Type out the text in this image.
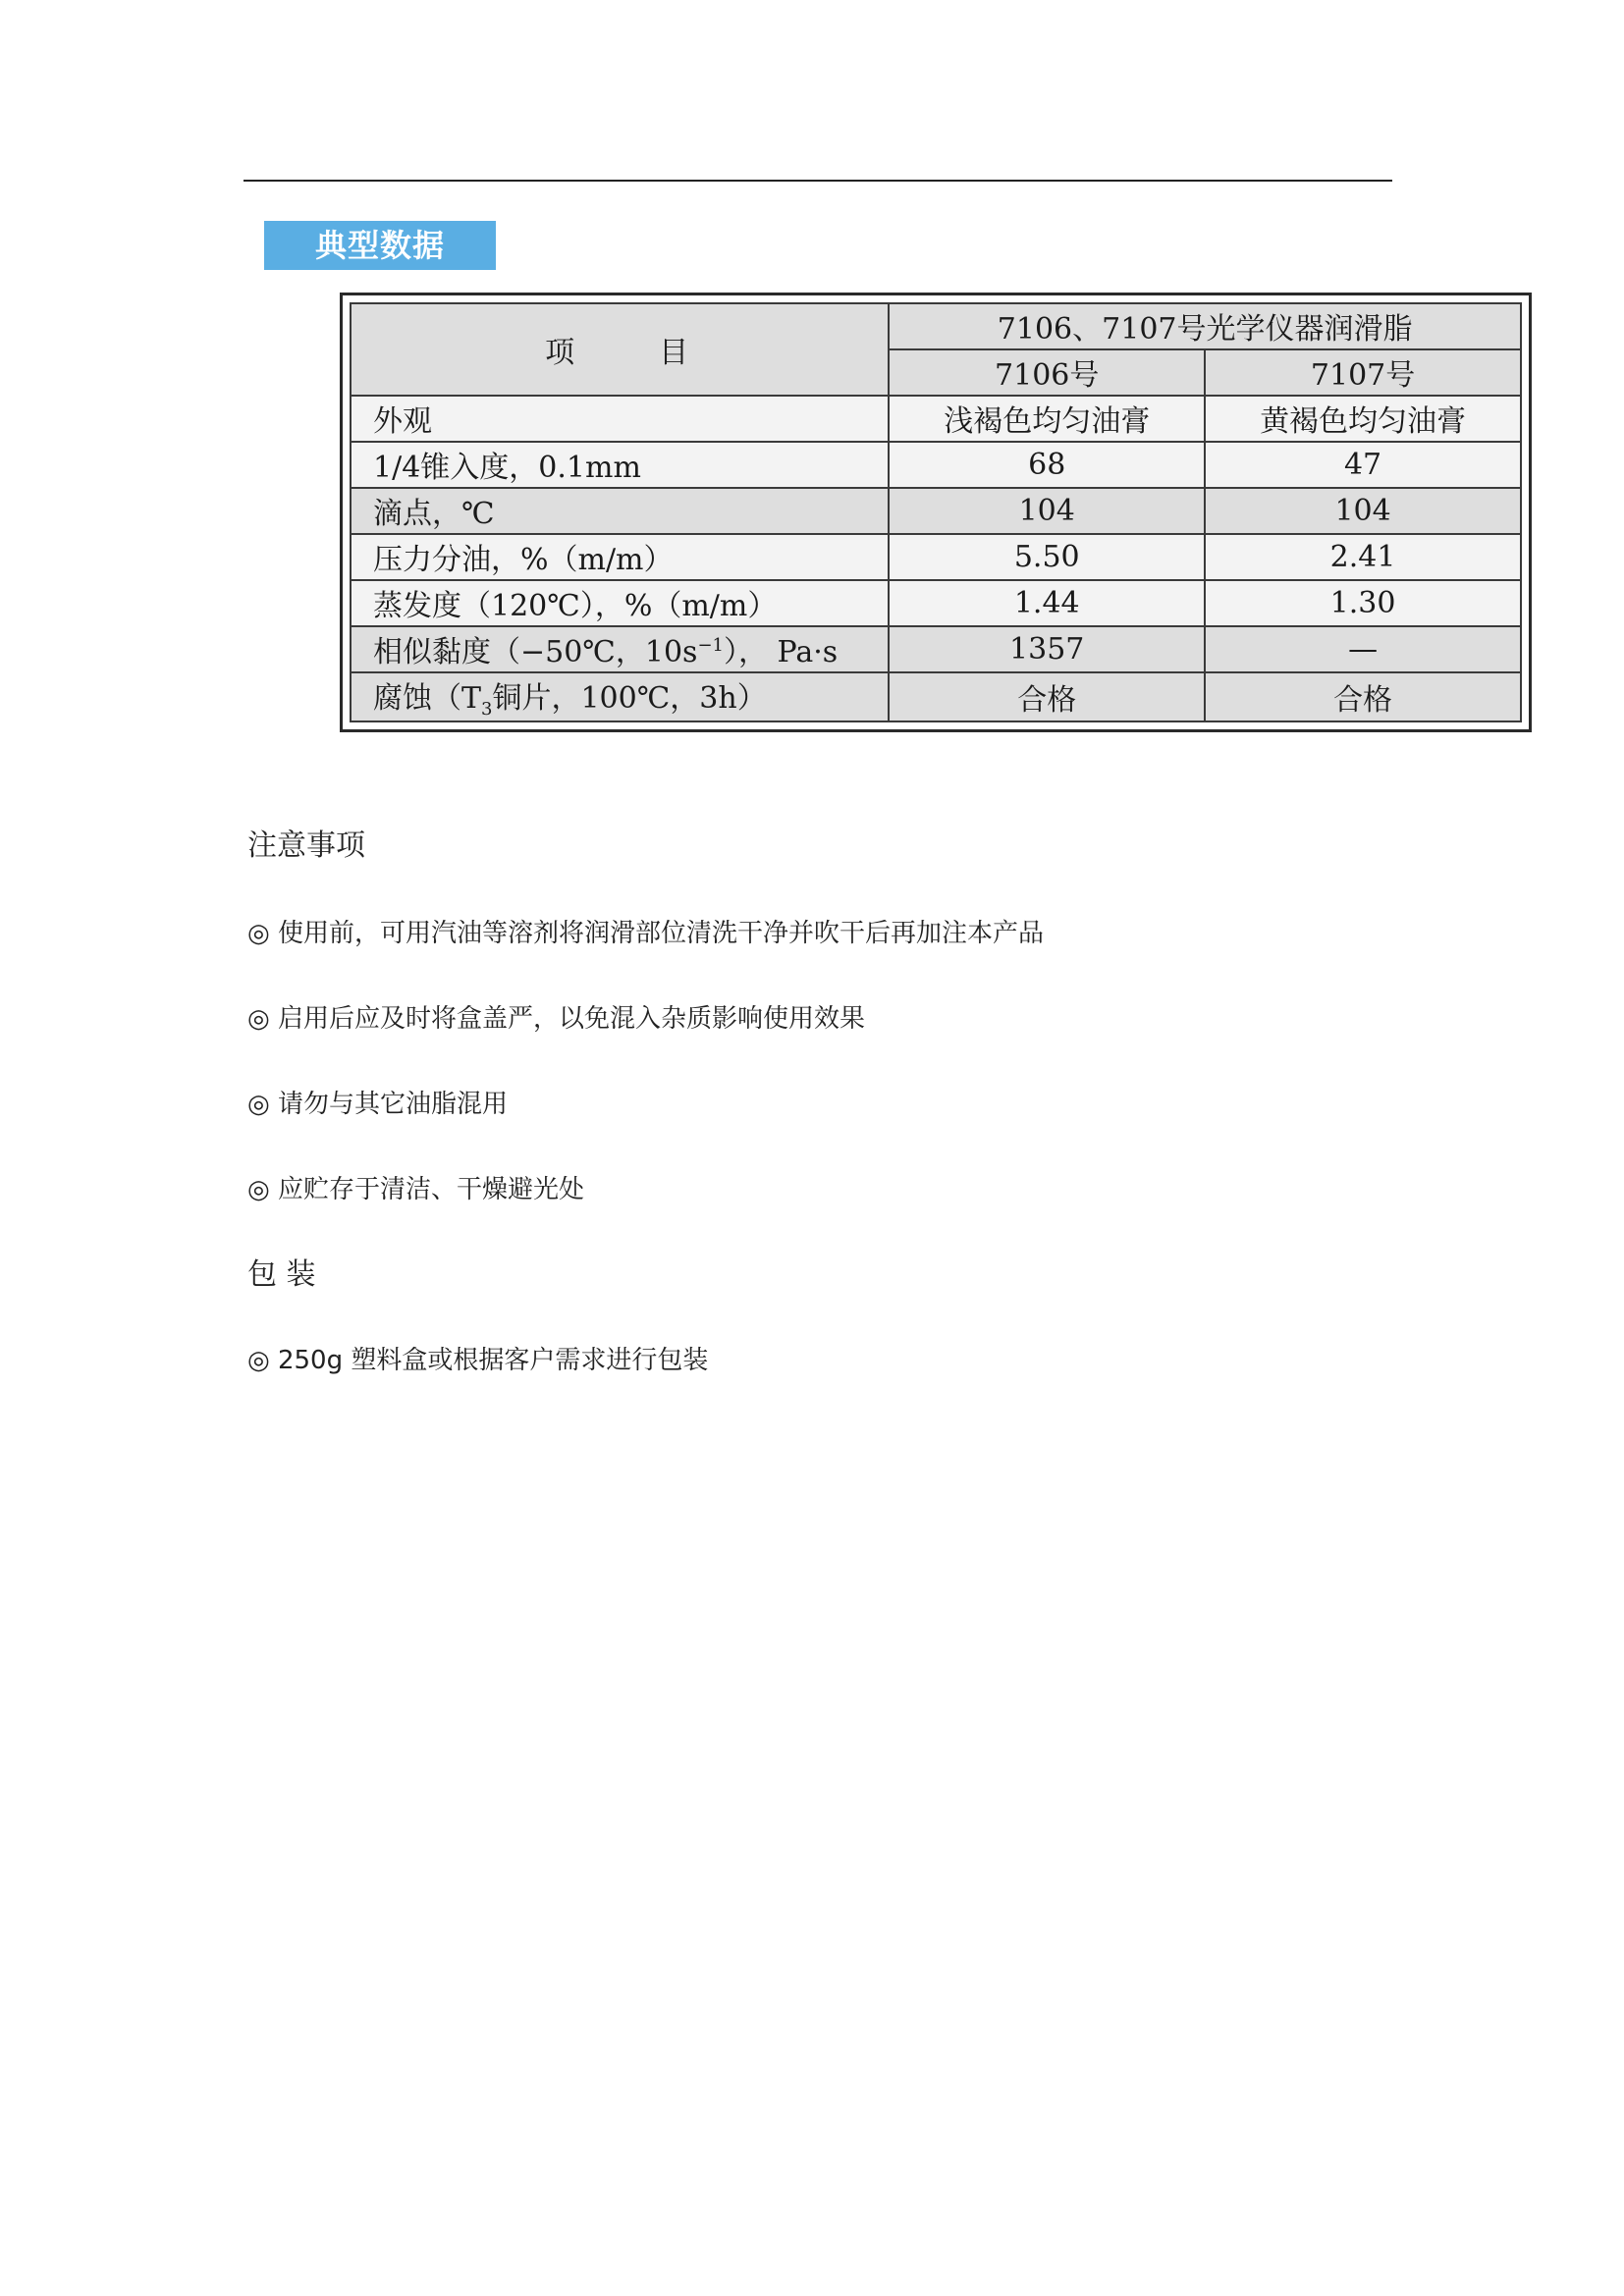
典型数据
项　目	7106、7107号光学仪器润滑脂	
	7106号	7107号
外观	浅褐色均匀油膏	黄褐色均匀油膏
1/4锥入度，0.1mm	68	47
滴点，℃	104	104
压力分油，%（m/m）	5.50	2.41
蒸发度（120℃），%（m/m）	1.44	1.30
相似黏度（−50℃，$10s^{-1}$）， Pa·s	1357	—
腐蚀（$T_3$铜片，100℃，3h）	合格	合格
注意事项
◎ 使用前，可用汽油等溶剂将润滑部位清洗干净并吹干后再加注本产品
◎ 启用后应及时将盒盖严，以免混入杂质影响使用效果
◎ 请勿与其它油脂混用
◎ 应贮存于清洁、干燥避光处
包 装
◎ 250g 塑料盒或根据客户需求进行包装
